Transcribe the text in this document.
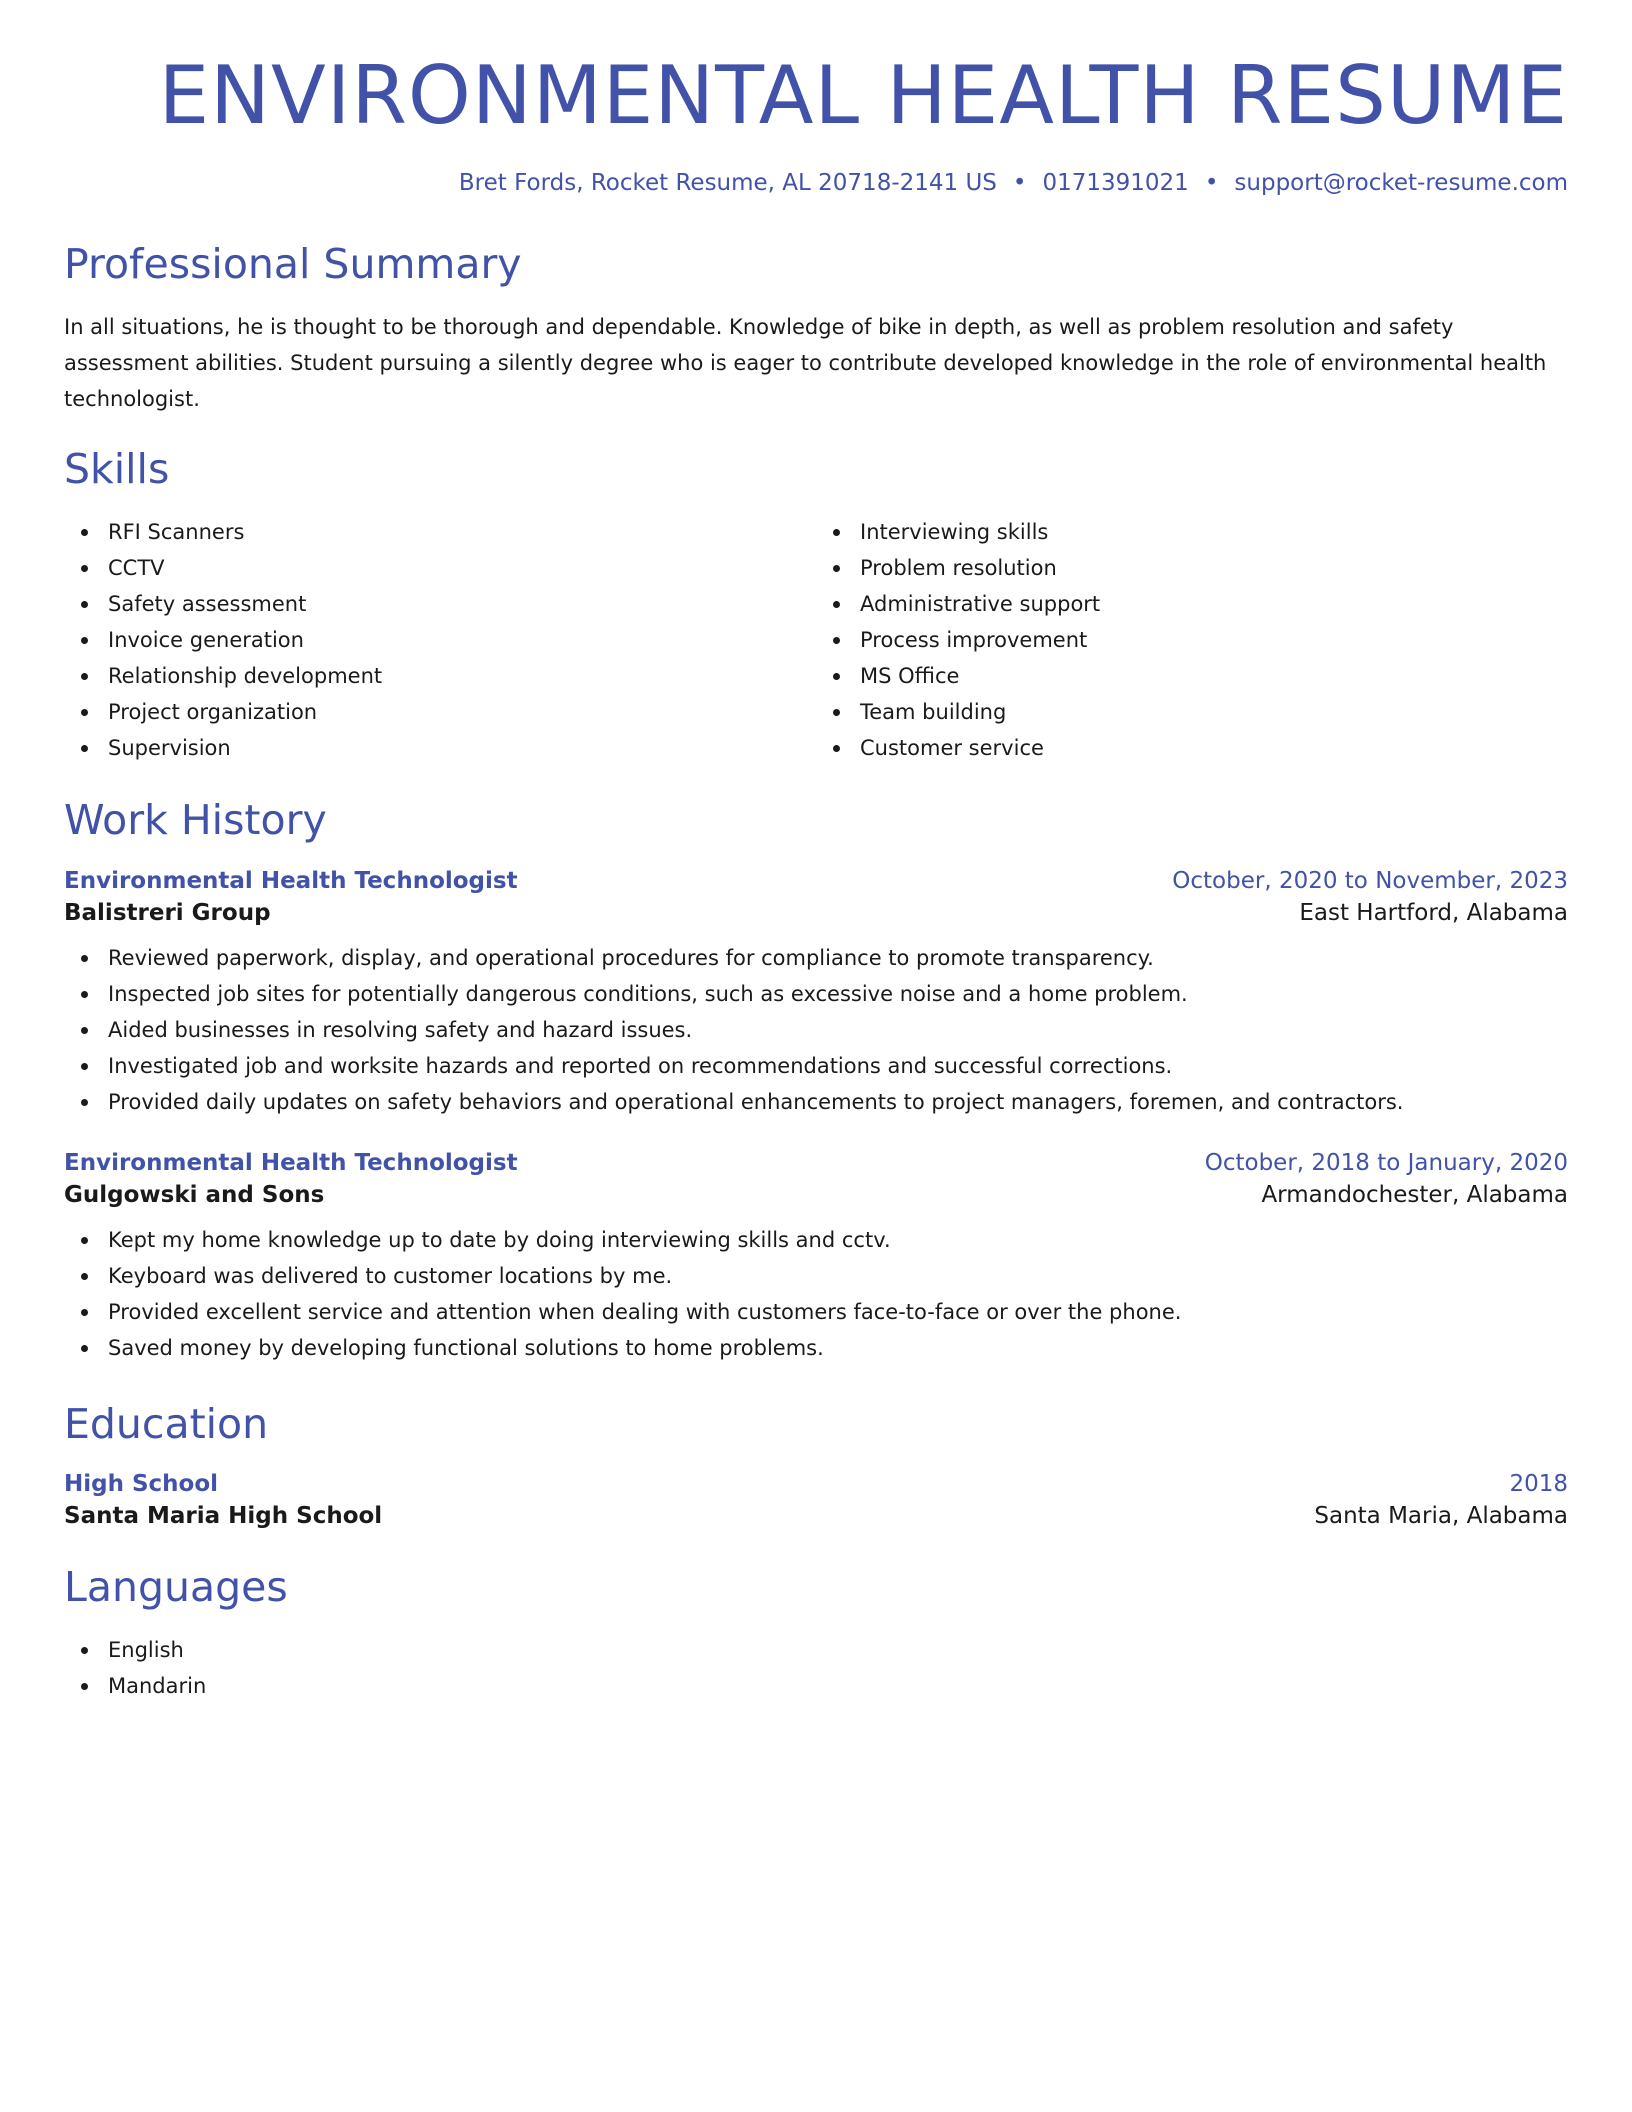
ENVIRONMENTAL HEALTH RESUME
Bret Fords, Rocket Resume, AL 20718-2141 US • 0171391021 • support@rocket-resume.com
Professional Summary

In all situations, he is thought to be thorough and dependable. Knowledge of bike in depth, as well as problem resolution and safety assessment abilities. Student pursuing a silently degree who is eager to contribute developed knowledge in the role of environmental health technologist.

Skills
RFI Scanners
CCTV
Safety assessment
Invoice generation
Relationship development
Project organization
Supervision
Interviewing skills
Problem resolution
Administrative support
Process improvement
MS Office
Team building
Customer service
Work History
Environmental Health Technologist	October, 2020 to November, 2023
Balistreri Group	East Hartford, Alabama
Reviewed paperwork, display, and operational procedures for compliance to promote transparency.
Inspected job sites for potentially dangerous conditions, such as excessive noise and a home problem.
Aided businesses in resolving safety and hazard issues.
Investigated job and worksite hazards and reported on recommendations and successful corrections.
Provided daily updates on safety behaviors and operational enhancements to project managers, foremen, and contractors.
Environmental Health Technologist	October, 2018 to January, 2020
Gulgowski and Sons	Armandochester, Alabama
Kept my home knowledge up to date by doing interviewing skills and cctv.
Keyboard was delivered to customer locations by me.
Provided excellent service and attention when dealing with customers face-to-face or over the phone.
Saved money by developing functional solutions to home problems.
Education
High School	2018
Santa Maria High School	Santa Maria, Alabama
Languages
English
Mandarin
